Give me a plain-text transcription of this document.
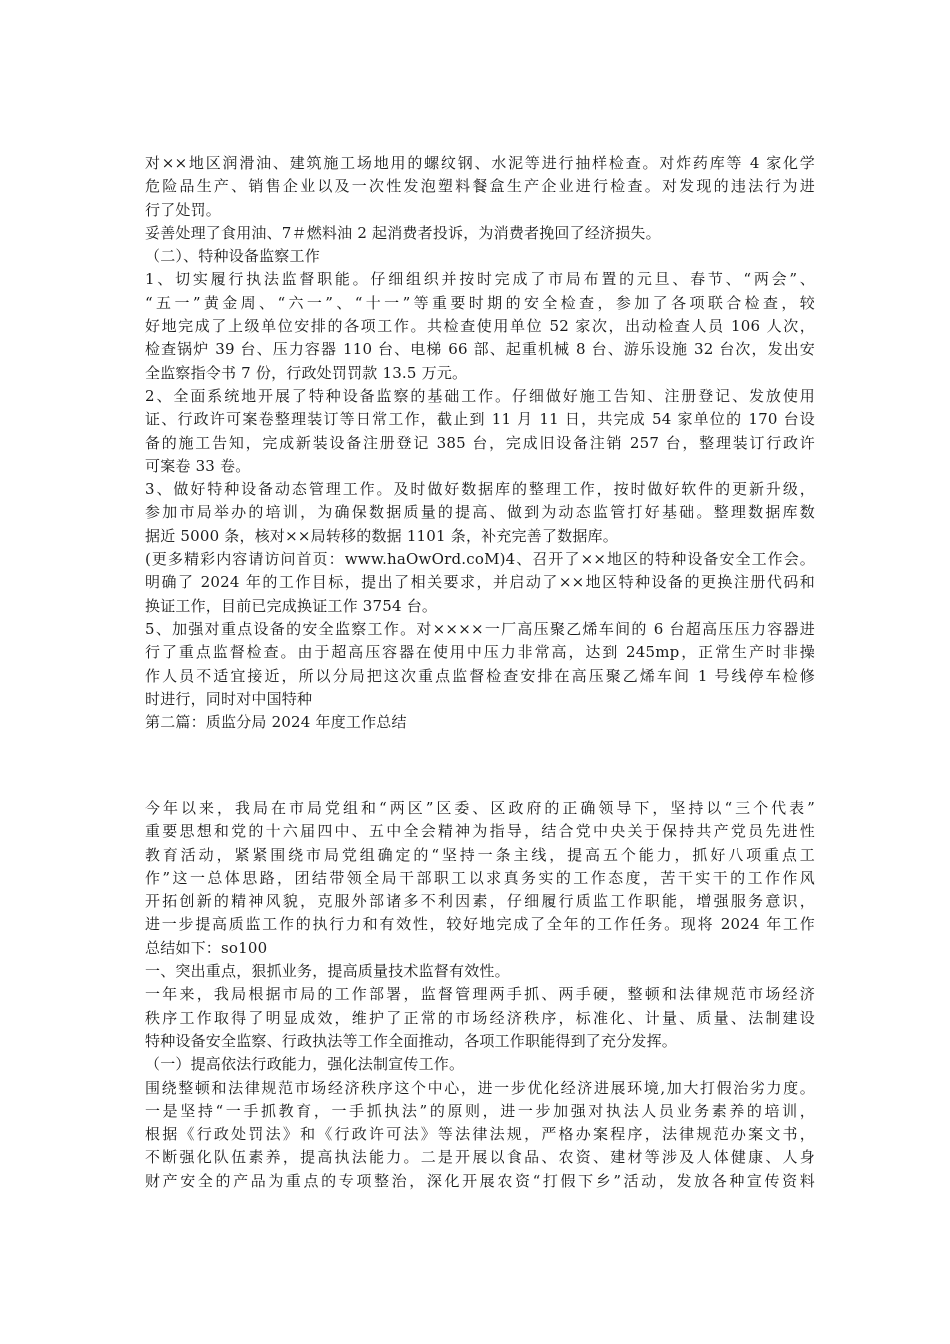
对××地区润滑油、建筑施工场地用的螺纹钢、水泥等进行抽样检查。对炸药库等 4 家化学
危险品生产、销售企业以及一次性发泡塑料餐盒生产企业进行检查。对发现的违法行为进
行了处罚。
妥善处理了食用油、7＃燃料油 2 起消费者投诉，为消费者挽回了经济损失。
（二）、特种设备监察工作
1、切实履行执法监督职能。仔细组织并按时完成了市局布置的元旦、春节、“两会”、
“五一”黄金周、“六一”、“十一”等重要时期的安全检查，参加了各项联合检查，较
好地完成了上级单位安排的各项工作。共检查使用单位 52 家次，出动检查人员 106 人次，
检查锅炉 39 台、压力容器 110 台、电梯 66 部、起重机械 8 台、游乐设施 32 台次，发出安
全监察指令书 7 份，行政处罚罚款 13.5 万元。
2、全面系统地开展了特种设备监察的基础工作。仔细做好施工告知、注册登记、发放使用
证、行政许可案卷整理装订等日常工作，截止到 11 月 11 日，共完成 54 家单位的 170 台设
备的施工告知，完成新装设备注册登记 385 台，完成旧设备注销 257 台，整理装订行政许
可案卷 33 卷。
3、做好特种设备动态管理工作。及时做好数据库的整理工作，按时做好软件的更新升级，
参加市局举办的培训，为确保数据质量的提高、做到为动态监管打好基础。整理数据库数
据近 5000 条，核对××局转移的数据 1101 条，补充完善了数据库。
(更多精彩内容请访问首页：www.haOwOrd.coM)4、召开了××地区的特种设备安全工作会。
明确了 2024 年的工作目标，提出了相关要求，并启动了××地区特种设备的更换注册代码和
换证工作，目前已完成换证工作 3754 台。
5、加强对重点设备的安全监察工作。对××××一厂高压聚乙烯车间的 6 台超高压压力容器进
行了重点监督检查。由于超高压容器在使用中压力非常高，达到 245mp，正常生产时非操
作人员不适宜接近，所以分局把这次重点监督检查安排在高压聚乙烯车间 1 号线停车检修
时进行，同时对中国特种
第二篇：质监分局 2024 年度工作总结
今年以来，我局在市局党组和“两区”区委、区政府的正确领导下，坚持以“三个代表”
重要思想和党的十六届四中、五中全会精神为指导，结合党中央关于保持共产党员先进性
教育活动，紧紧围绕市局党组确定的“坚持一条主线，提高五个能力，抓好八项重点工
作”这一总体思路，团结带领全局干部职工以求真务实的工作态度，苦干实干的工作作风
开拓创新的精神风貌，克服外部诸多不利因素，仔细履行质监工作职能，增强服务意识，
进一步提高质监工作的执行力和有效性，较好地完成了全年的工作任务。现将 2024 年工作
总结如下：so100
一、突出重点，狠抓业务，提高质量技术监督有效性。
一年来，我局根据市局的工作部署，监督管理两手抓、两手硬，整顿和法律规范市场经济
秩序工作取得了明显成效，维护了正常的市场经济秩序，标准化、计量、质量、法制建设
特种设备安全监察、行政执法等工作全面推动，各项工作职能得到了充分发挥。
（一）提高依法行政能力，强化法制宣传工作。
围绕整顿和法律规范市场经济秩序这个中心，进一步优化经济进展环境,加大打假治劣力度。
一是坚持“一手抓教育，一手抓执法”的原则，进一步加强对执法人员业务素养的培训，
根据《行政处罚法》和《行政许可法》等法律法规，严格办案程序，法律规范办案文书，
不断强化队伍素养，提高执法能力。二是开展以食品、农资、建材等涉及人体健康、人身
财产安全的产品为重点的专项整治，深化开展农资“打假下乡”活动，发放各种宣传资料
